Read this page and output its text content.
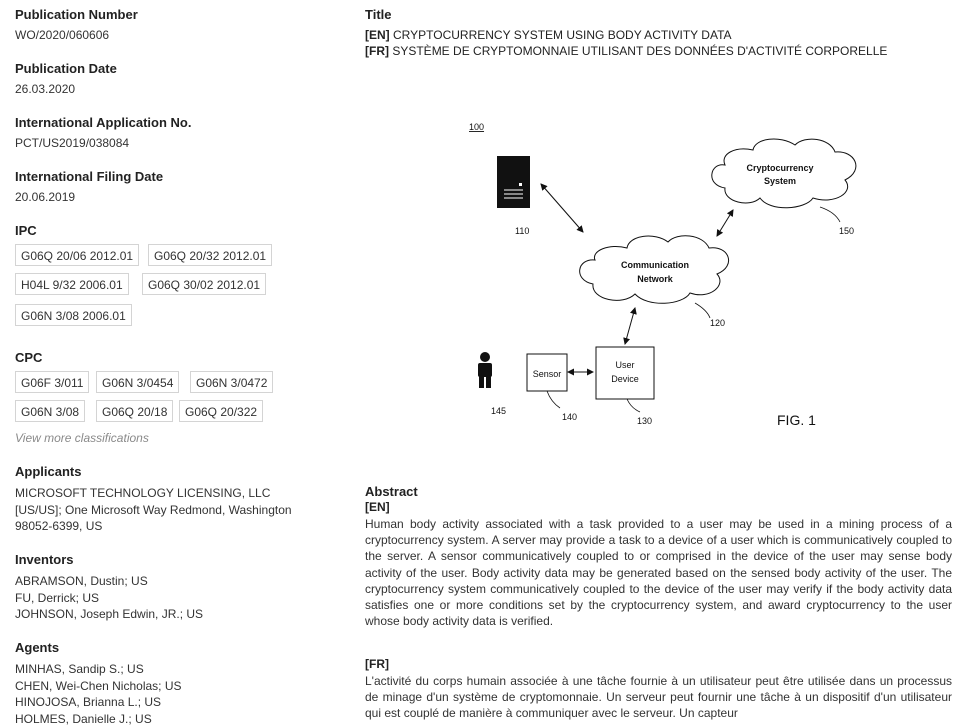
Publication Number
WO/2020/060606
Publication Date
26.03.2020
International Application No.
PCT/US2019/038084
International Filing Date
20.06.2019
IPC
G06Q 20/06 2012.01	G06Q 20/32 2012.01
H04L 9/32 2006.01	G06Q 30/02 2012.01
G06N 3/08 2006.01
CPC
G06F 3/011	G06N 3/0454	G06N 3/0472
G06N 3/08	G06Q 20/18	G06Q 20/322
View more classifications
Applicants
MICROSOFT TECHNOLOGY LICENSING, LLC
[US/US]; One Microsoft Way Redmond, Washington
98052-6399, US
Inventors
ABRAMSON, Dustin; US
FU, Derrick; US
JOHNSON, Joseph Edwin, JR.; US
Agents
MINHAS, Sandip S.; US
CHEN, Wei-Chen Nicholas; US
HINOJOSA, Brianna L.; US
HOLMES, Danielle J.; US
Title
[EN] CRYPTOCURRENCY SYSTEM USING BODY ACTIVITY DATA
[FR] SYSTÈME DE CRYPTOMONNAIE UTILISANT DES DONNÉES D'ACTIVITÉ CORPORELLE
100
110
Cryptocurrency
System
150
Communication
Network
120
145
Sensor
140
User
Device
130	FIG. 1
Abstract
[EN]
Human body activity associated with a task provided to a user may be used in a mining process of a cryptocurrency system. A server may provide a task to a device of a user which is communicatively coupled to the server. A sensor communicatively coupled to or comprised in the device of the user may sense body activity of the user. Body activity data may be generated based on the sensed body activity of the user. The cryptocurrency system communicatively coupled to the device of the user may verify if the body activity data satisfies one or more conditions set by the cryptocurrency system, and award cryptocurrency to the user whose body activity data is verified.
[FR]
L'activité du corps humain associée à une tâche fournie à un utilisateur peut être utilisée dans un processus de minage d'un système de cryptomonnaie. Un serveur peut fournir une tâche à un dispositif d'un utilisateur qui est couplé de manière à communiquer avec le serveur. Un capteur
